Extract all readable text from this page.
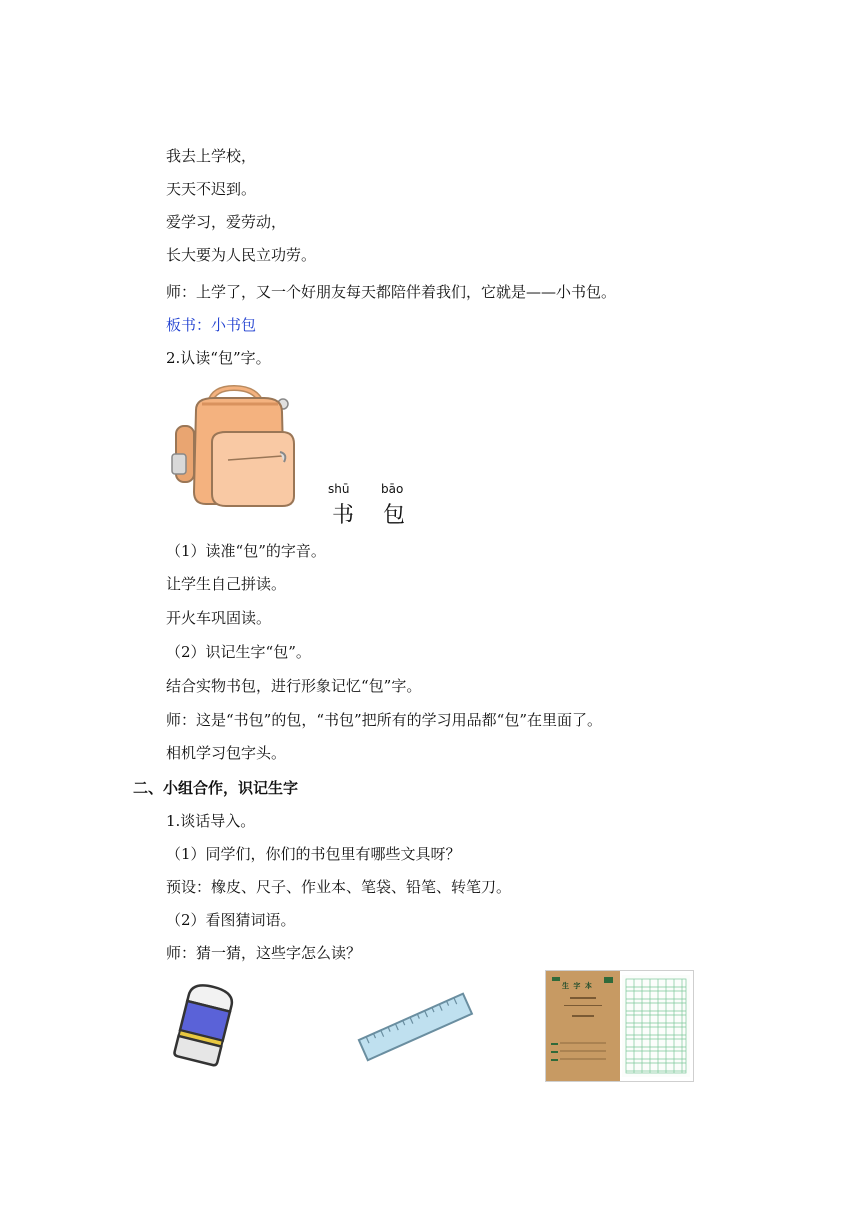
我去上学校，
天天不迟到。
爱学习，爱劳动，
长大要为人民立功劳。
师：上学了，又一个好朋友每天都陪伴着我们，它就是——小书包。
板书：小书包
2.认读“包”字。
shū	bāo
书 包
（1）读准“包”的字音。
让学生自己拼读。
开火车巩固读。
（2）识记生字“包”。
结合实物书包，进行形象记忆“包”字。
师：这是“书包”的包，“书包”把所有的学习用品都“包”在里面了。
相机学习包字头。
二、小组合作，识记生字
1.谈话导入。
（1）同学们，你们的书包里有哪些文具呀？
预设：橡皮、尺子、作业本、笔袋、铅笔、转笔刀。
（2）看图猜词语。
师：猜一猜，这些字怎么读？
生 字 本
